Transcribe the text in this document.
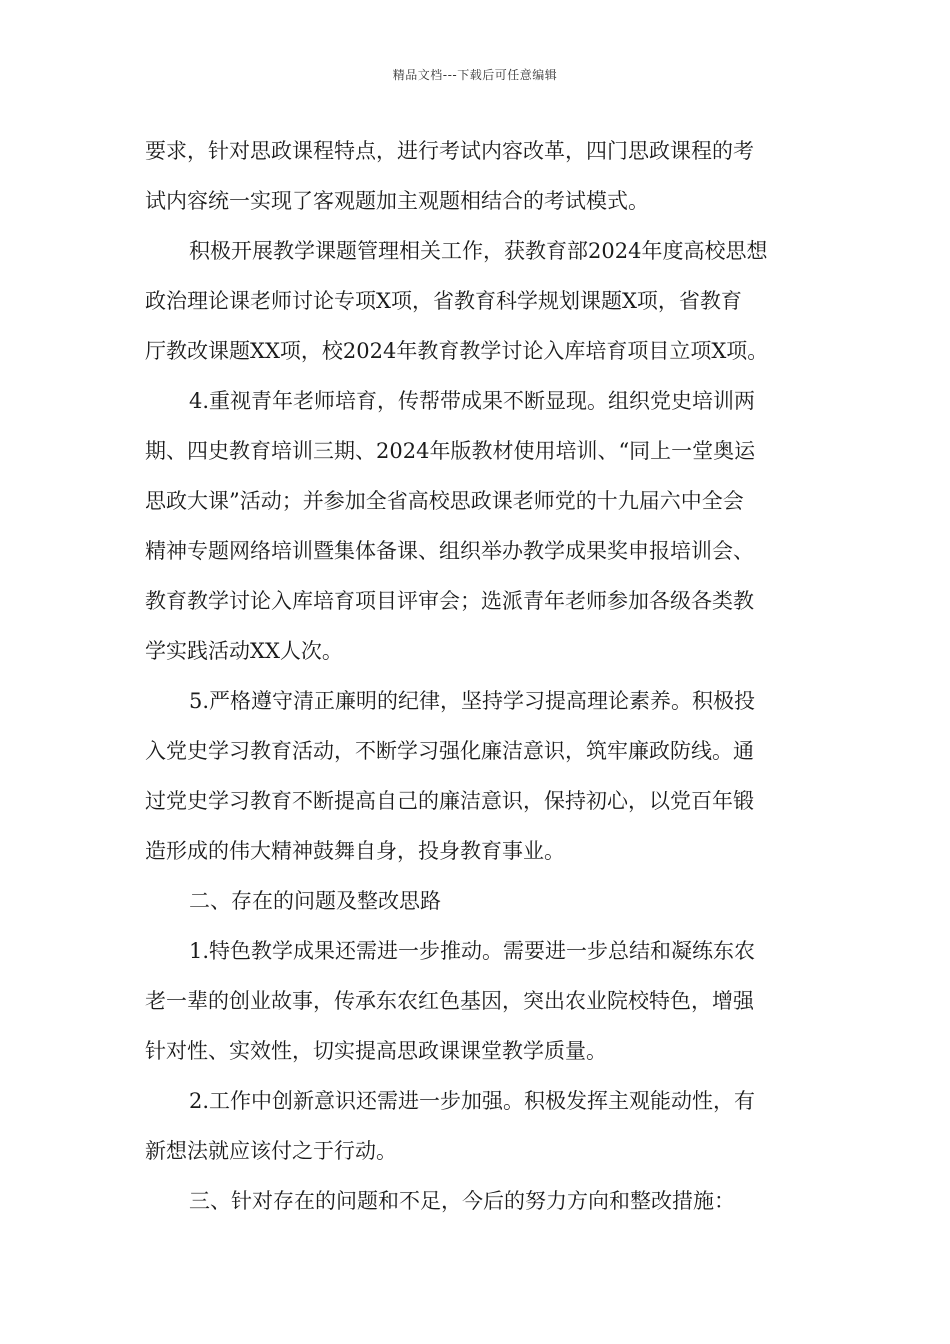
精品文档---下载后可任意编辑
要求，针对思政课程特点，进行考试内容改革，四门思政课程的考
试内容统一实现了客观题加主观题相结合的考试模式。
积极开展教学课题管理相关工作，获教育部2024年度高校思想
政治理论课老师讨论专项X项，省教育科学规划课题X项，省教育
厅教改课题XX项，校2024年教育教学讨论入库培育项目立项X项。
4.重视青年老师培育，传帮带成果不断显现。组织党史培训两
期、四史教育培训三期、2024年版教材使用培训、“同上一堂奥运
思政大课”活动；并参加全省高校思政课老师党的十九届六中全会
精神专题网络培训暨集体备课、组织举办教学成果奖申报培训会、
教育教学讨论入库培育项目评审会；选派青年老师参加各级各类教
学实践活动XX人次。
5.严格遵守清正廉明的纪律，坚持学习提高理论素养。积极投
入党史学习教育活动，不断学习强化廉洁意识，筑牢廉政防线。通
过党史学习教育不断提高自己的廉洁意识，保持初心，以党百年锻
造形成的伟大精神鼓舞自身，投身教育事业。
二、存在的问题及整改思路
1.特色教学成果还需进一步推动。需要进一步总结和凝练东农
老一辈的创业故事，传承东农红色基因，突出农业院校特色，增强
针对性、实效性，切实提高思政课课堂教学质量。
2.工作中创新意识还需进一步加强。积极发挥主观能动性，有
新想法就应该付之于行动。
三、针对存在的问题和不足，今后的努力方向和整改措施：
